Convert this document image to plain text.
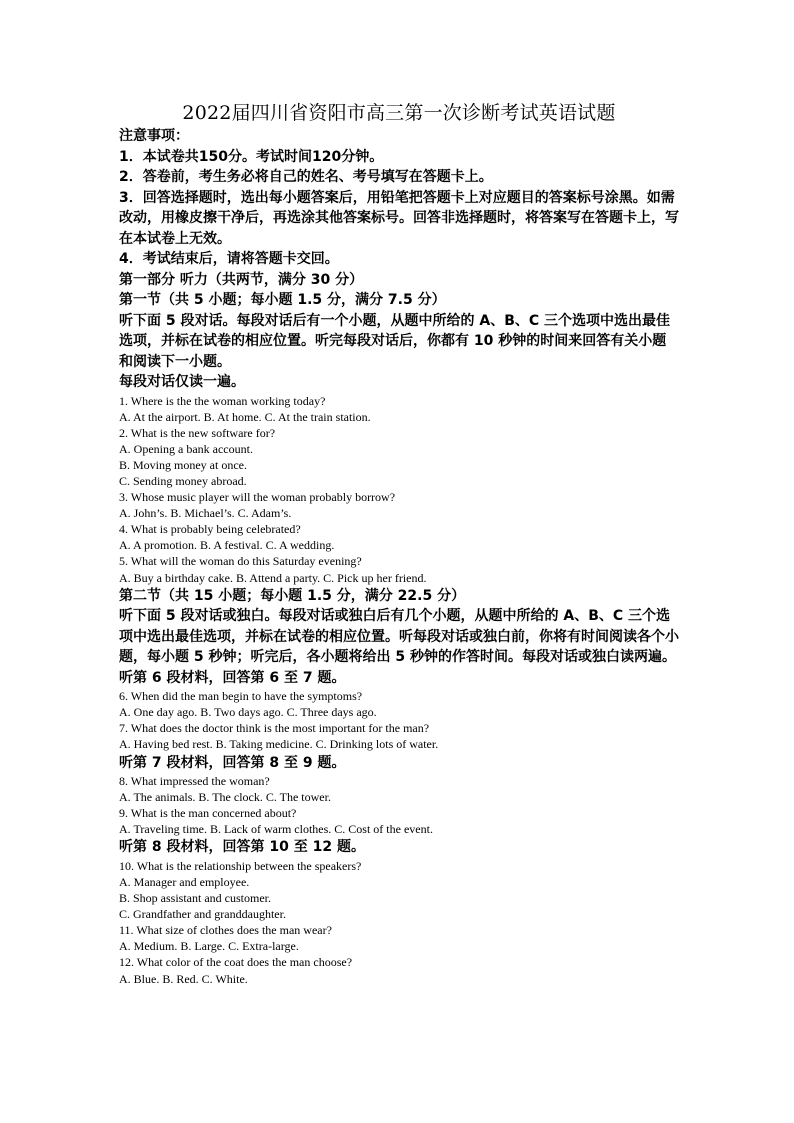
2022届四川省资阳市高三第一次诊断考试英语试题

注意事项：

1．本试卷共150分。考试时间120分钟。

2．答卷前，考生务必将自己的姓名、考号填写在答题卡上。

3．回答选择题时，选出每小题答案后，用铅笔把答题卡上对应题目的答案标号涂黑。如需改动，用橡皮擦干净后，再选涂其他答案标号。回答非选择题时，将答案写在答题卡上，写在本试卷上无效。

4．考试结束后，请将答题卡交回。

第一部分 听力（共两节，满分 30 分）

第一节（共 5 小题；每小题 1.5 分，满分 7.5 分）

听下面 5 段对话。每段对话后有一个小题，从题中所给的 A、B、C 三个选项中选出最佳选项，并标在试卷的相应位置。听完每段对话后，你都有 10 秒钟的时间来回答有关小题和阅读下一小题。

每段对话仅读一遍。

1. Where is the the woman working today?

A. At the airport. B. At home. C. At the train station.

2. What is the new software for?

A. Opening a bank account.

B. Moving money at once.

C. Sending money abroad.

3. Whose music player will the woman probably borrow?

A. John’s. B. Michael’s. C. Adam’s.

4. What is probably being celebrated?

A. A promotion. B. A festival. C. A wedding.

5. What will the woman do this Saturday evening?

A. Buy a birthday cake. B. Attend a party. C. Pick up her friend.

第二节（共 15 小题；每小题 1.5 分，满分 22.5 分）

听下面 5 段对话或独白。每段对话或独白后有几个小题，从题中所给的 A、B、C 三个选项中选出最佳选项，并标在试卷的相应位置。听每段对话或独白前，你将有时间阅读各个小题，每小题 5 秒钟；听完后，各小题将给出 5 秒钟的作答时间。每段对话或独白读两遍。

听第 6 段材料，回答第 6 至 7 题。

6. When did the man begin to have the symptoms?

A. One day ago. B. Two days ago. C. Three days ago.

7. What does the doctor think is the most important for the man?

A. Having bed rest. B. Taking medicine. C. Drinking lots of water.

听第 7 段材料，回答第 8 至 9 题。

8. What impressed the woman?

A. The animals. B. The clock. C. The tower.

9. What is the man concerned about?

A. Traveling time. B. Lack of warm clothes. C. Cost of the event.

听第 8 段材料，回答第 10 至 12 题。

10. What is the relationship between the speakers?

A. Manager and employee.

B. Shop assistant and customer.

C. Grandfather and granddaughter.

11. What size of clothes does the man wear?

A. Medium. B. Large. C. Extra-large.

12. What color of the coat does the man choose?

A. Blue. B. Red. C. White.
